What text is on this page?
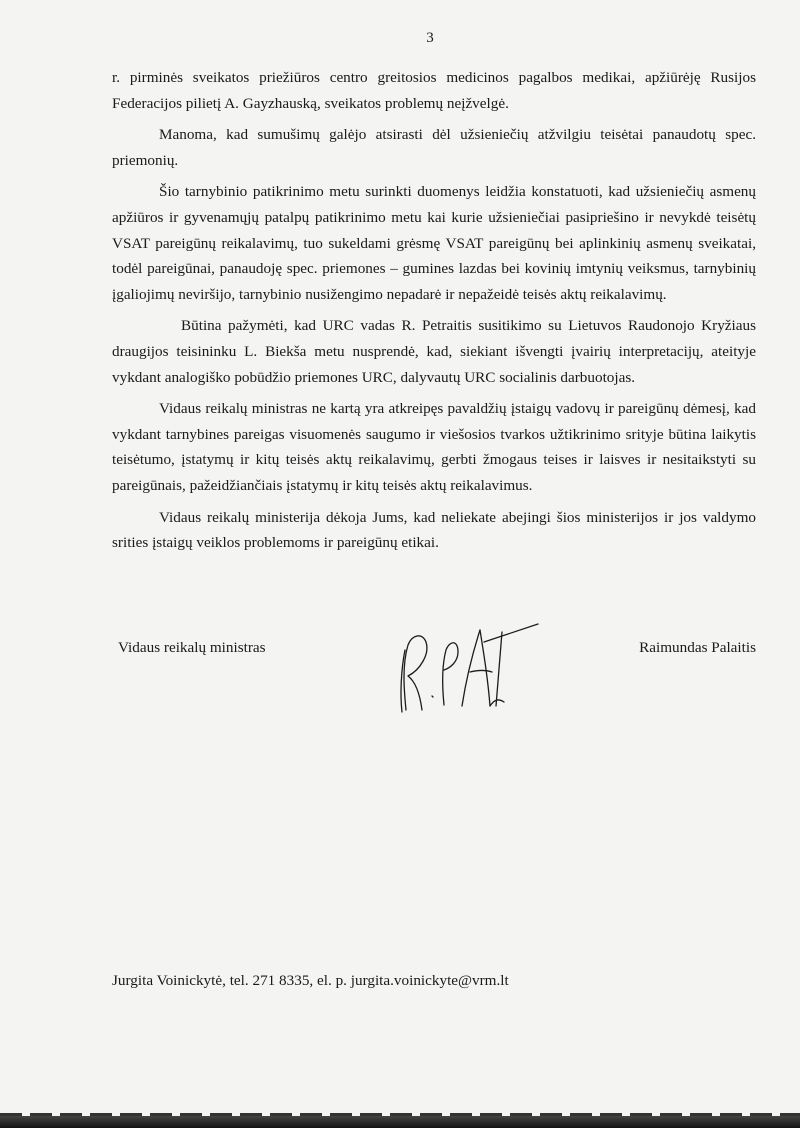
3

r. pirminės sveikatos priežiūros centro greitosios medicinos pagalbos medikai, apžiūrėję Rusijos Federacijos pilietį A. Gayzhauską, sveikatos problemų neįžvelgė.

Manoma, kad sumušimų galėjo atsirasti dėl užsieniečių atžvilgiu teisėtai panaudotų spec. priemonių.

Šio tarnybinio patikrinimo metu surinkti duomenys leidžia konstatuoti, kad užsieniečių asmenų apžiūros ir gyvenamųjų patalpų patikrinimo metu kai kurie užsieniečiai pasipriešino ir nevykdė teisėtų VSAT pareigūnų reikalavimų, tuo sukeldami grėsmę VSAT pareigūnų bei aplinkinių asmenų sveikatai, todėl pareigūnai, panaudoję spec. priemones – gumines lazdas bei kovinių imtynių veiksmus, tarnybinių įgaliojimų neviršijo, tarnybinio nusižengimo nepadarė ir nepažeidė teisės aktų reikalavimų.

Būtina pažymėti, kad URC vadas R. Petraitis susitikimo su Lietuvos Raudonojo Kryžiaus draugijos teisininku L. Biekša metu nusprendė, kad, siekiant išvengti įvairių interpretacijų, ateityje vykdant analogiško pobūdžio priemones URC, dalyvautų URC socialinis darbuotojas.

Vidaus reikalų ministras ne kartą yra atkreipęs pavaldžių įstaigų vadovų ir pareigūnų dėmesį, kad vykdant tarnybines pareigas visuomenės saugumo ir viešosios tvarkos užtikrinimo srityje būtina laikytis teisėtumo, įstatymų ir kitų teisės aktų reikalavimų, gerbti žmogaus teises ir laisves ir nesitaikstyti su pareigūnais, pažeidžiančiais įstatymų ir kitų teisės aktų reikalavimus.

Vidaus reikalų ministerija dėkoja Jums, kad neliekate abejingi šios ministerijos ir jos valdymo srities įstaigų veiklos problemoms ir pareigūnų etikai.

Vidaus reikalų ministras	Raimundas Palaitis
Jurgita Voinickytė, tel. 271 8335, el. p. jurgita.voinickyte@vrm.lt
